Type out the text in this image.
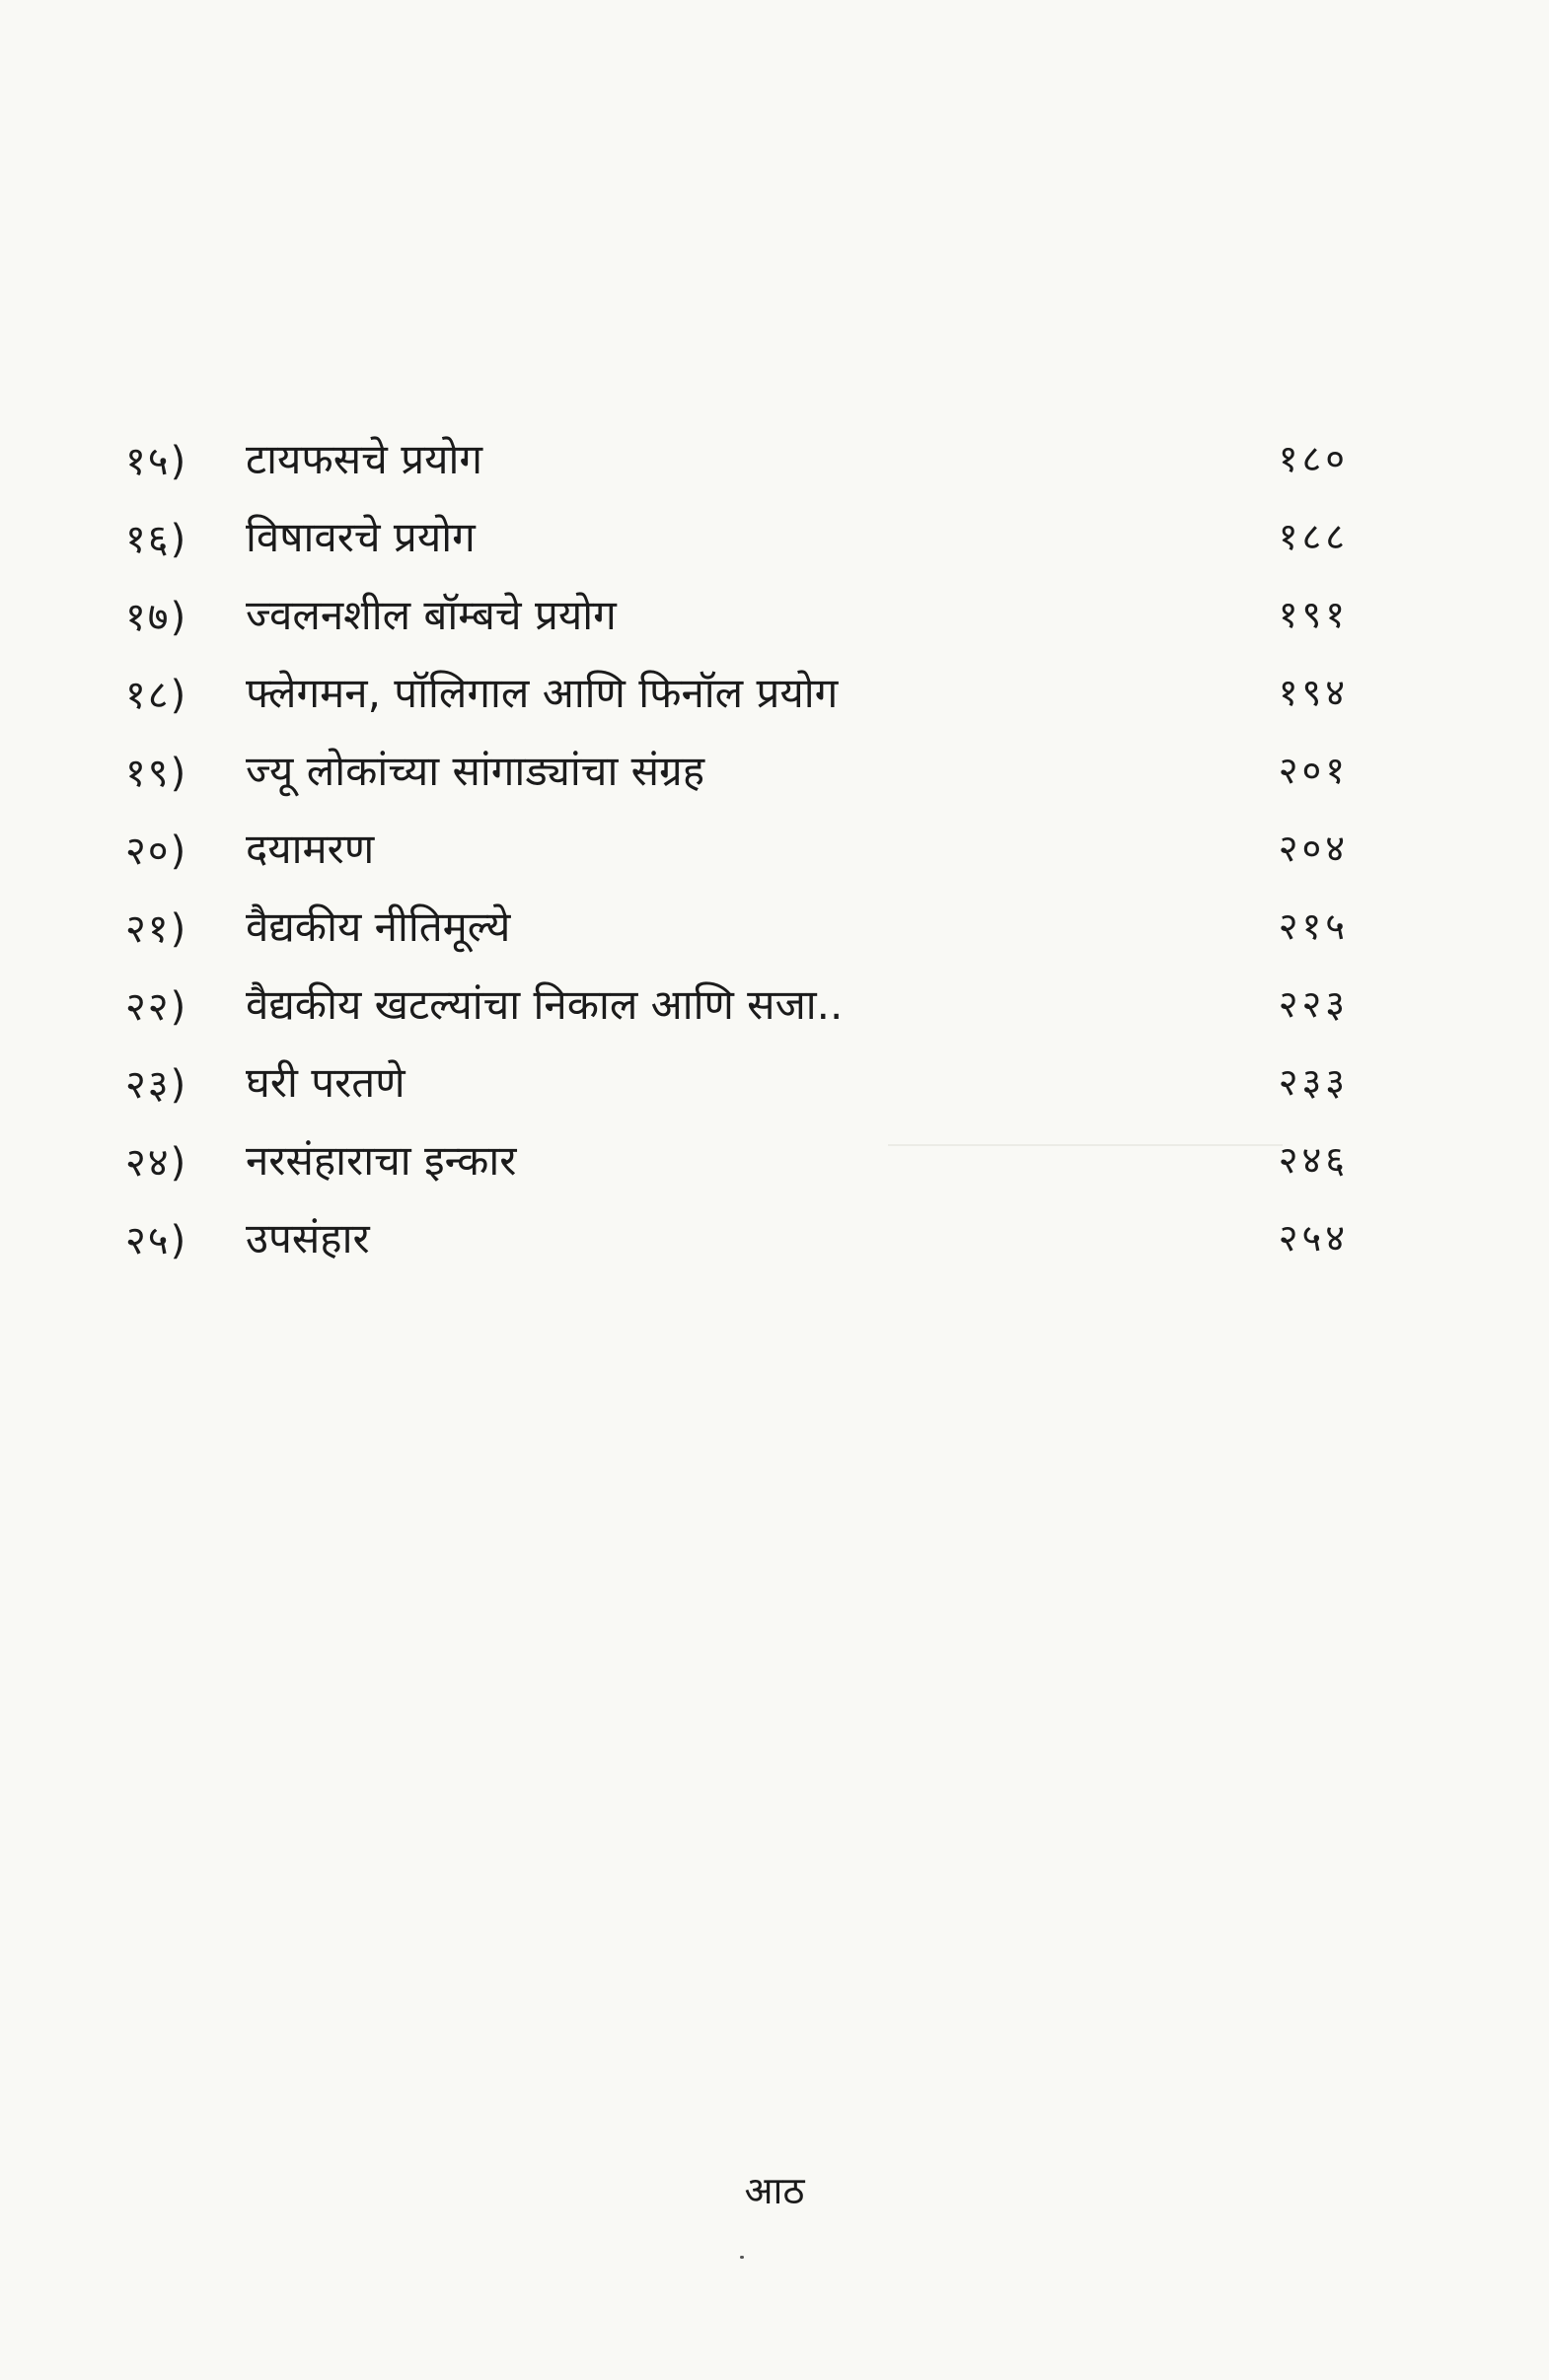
१५) टायफसचे प्रयोग	१८०
१६) विषावरचे प्रयोग	१८८
१७) ज्वलनशील बॉम्बचे प्रयोग	१९१
१८) फ्लेगमन, पॉलिगाल आणि फिनॉल प्रयोग	१९४
१९) ज्यू लोकांच्या सांगाड्यांचा संग्रह	२०१
२०) दयामरण	२०४
२१) वैद्यकीय नीतिमूल्ये	२१५
२२) वैद्यकीय खटल्यांचा निकाल आणि सजा..	२२३
२३) घरी परतणे	२३३
२४) नरसंहाराचा इन्कार	२४६
२५) उपसंहार	२५४
आठ
